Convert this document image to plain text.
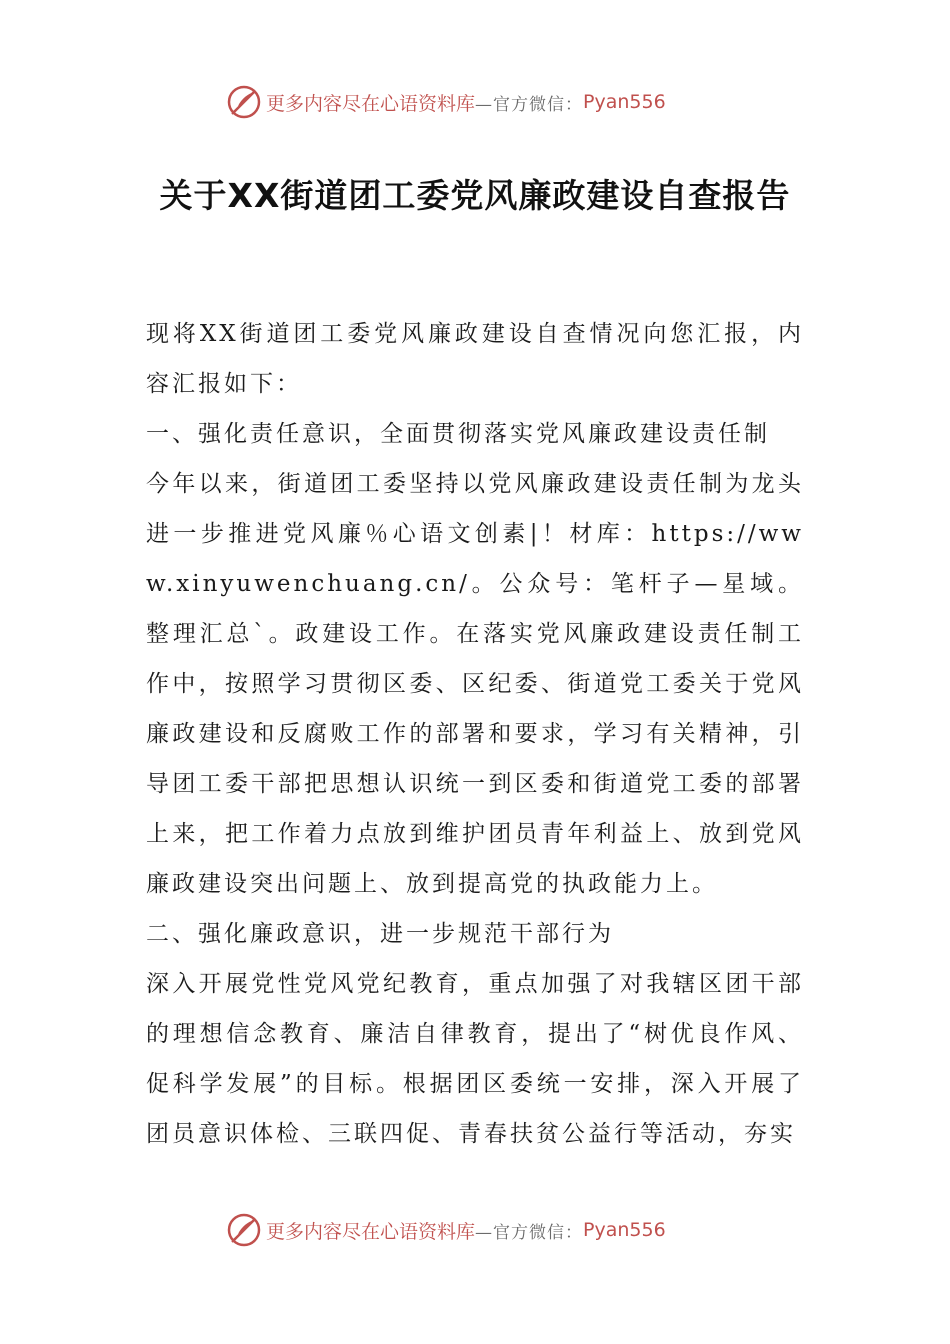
更多内容尽在心语资料库 —官方微信： Pyan556
关于XX街道团工委党风廉政建设自查报告

现将XX街道团工委党风廉政建设自查情况向您汇报，内容汇报如下：

一、强化责任意识，全面贯彻落实党风廉政建设责任制

今年以来，街道团工委坚持以党风廉政建设责任制为龙头进一步推进党风廉％心语文创素|！材库：https://www.xinyuwenchuang.cn/。公众号：笔杆子—星域。整理汇总`。政建设工作。在落实党风廉政建设责任制工作中，按照学习贯彻区委、区纪委、街道党工委关于党风廉政建设和反腐败工作的部署和要求，学习有关精神，引导团工委干部把思想认识统一到区委和街道党工委的部署上来，把工作着力点放到维护团员青年利益上、放到党风廉政建设突出问题上、放到提高党的执政能力上。

二、强化廉政意识，进一步规范干部行为

深入开展党性党风党纪教育，重点加强了对我辖区团干部的理想信念教育、廉洁自律教育，提出了“树优良作风、促科学发展”的目标。根据团区委统一安排，深入开展了团员意识体检、三联四促、青春扶贫公益行等活动，夯实

更多内容尽在心语资料库 —官方微信： Pyan556
